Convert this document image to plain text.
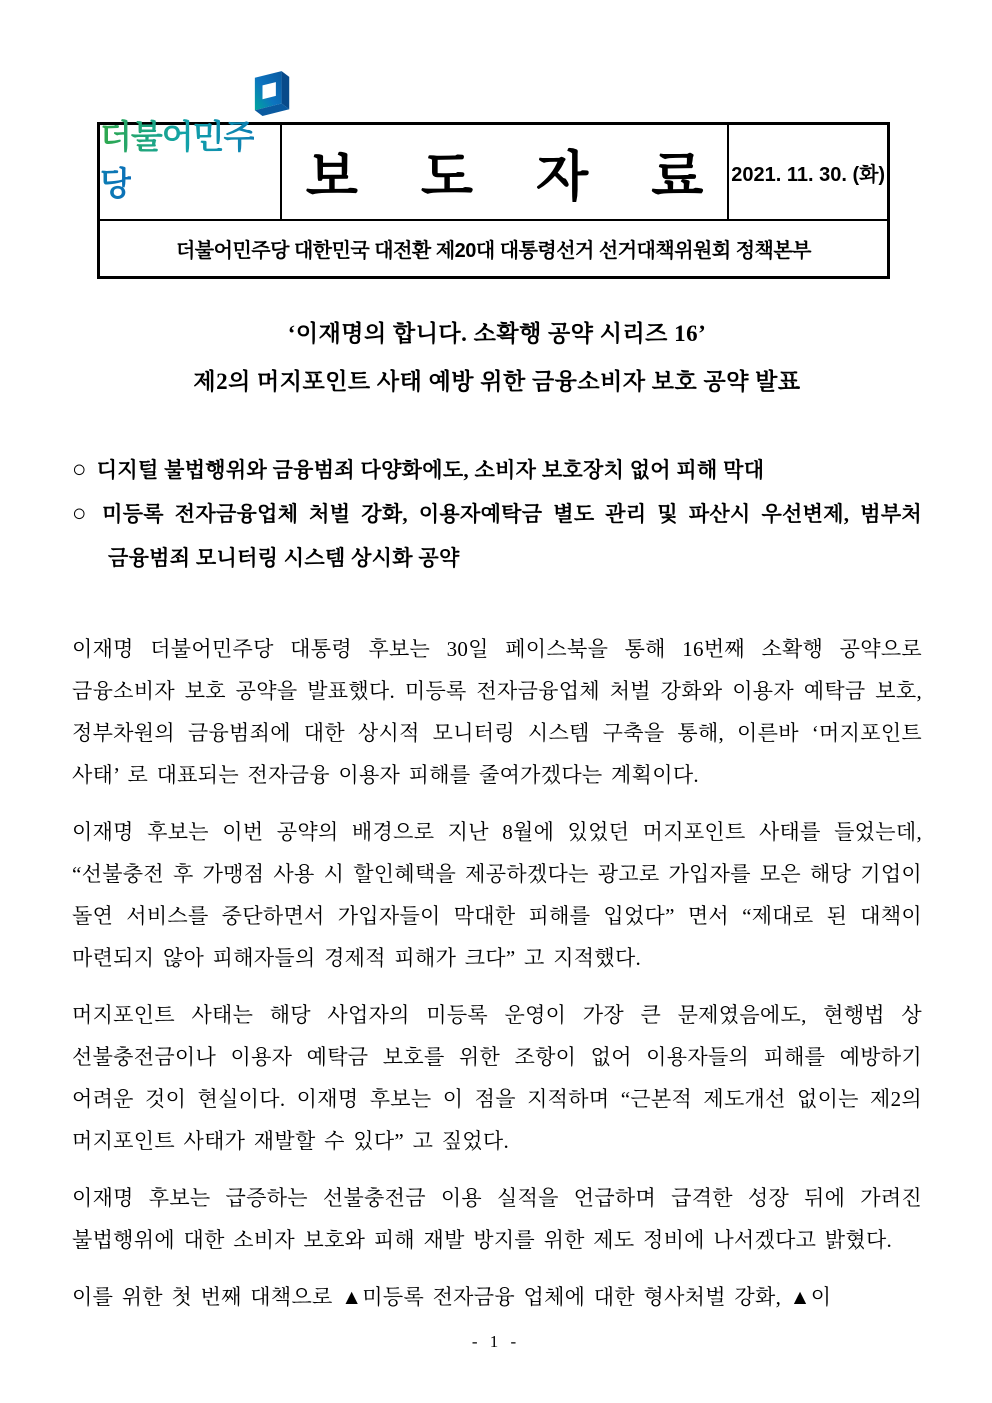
더불어민주당	보 도 자 료 2021. 11. 30. (화)
더불어민주당 대한민국 대전환 제20대 대통령선거 선거대책위원회 정책본부
‘이재명의 합니다. 소확행 공약 시리즈 16’
제2의 머지포인트 사태 예방 위한 금융소비자 보호 공약 발표
○ 디지털 불법행위와 금융범죄 다양화에도, 소비자 보호장치 없어 피해 막대
○ 미등록 전자금융업체 처벌 강화, 이용자예탁금 별도 관리 및 파산시 우선변제, 범부처 금융범죄 모니터링 시스템 상시화 공약

이재명 더불어민주당 대통령 후보는 30일 페이스북을 통해 16번째 소확행 공약으로 금융소비자 보호 공약을 발표했다. 미등록 전자금융업체 처벌 강화와 이용자 예탁금 보호, 정부차원의 금융범죄에 대한 상시적 모니터링 시스템 구축을 통해, 이른바 ‘머지포인트 사태’ 로 대표되는 전자금융 이용자 피해를 줄여가겠다는 계획이다.

이재명 후보는 이번 공약의 배경으로 지난 8월에 있었던 머지포인트 사태를 들었는데, “선불충전 후 가맹점 사용 시 할인혜택을 제공하겠다는 광고로 가입자를 모은 해당 기업이 돌연 서비스를 중단하면서 가입자들이 막대한 피해를 입었다” 면서 “제대로 된 대책이 마련되지 않아 피해자들의 경제적 피해가 크다” 고 지적했다.

머지포인트 사태는 해당 사업자의 미등록 운영이 가장 큰 문제였음에도, 현행법 상 선불충전금이나 이용자 예탁금 보호를 위한 조항이 없어 이용자들의 피해를 예방하기 어려운 것이 현실이다. 이재명 후보는 이 점을 지적하며 “근본적 제도개선 없이는 제2의 머지포인트 사태가 재발할 수 있다” 고 짚었다.

이재명 후보는 급증하는 선불충전금 이용 실적을 언급하며 급격한 성장 뒤에 가려진 불법행위에 대한 소비자 보호와 피해 재발 방지를 위한 제도 정비에 나서겠다고 밝혔다.

이를 위한 첫 번째 대책으로 ▲미등록 전자금융 업체에 대한 형사처벌 강화, ▲이

- 1 -
